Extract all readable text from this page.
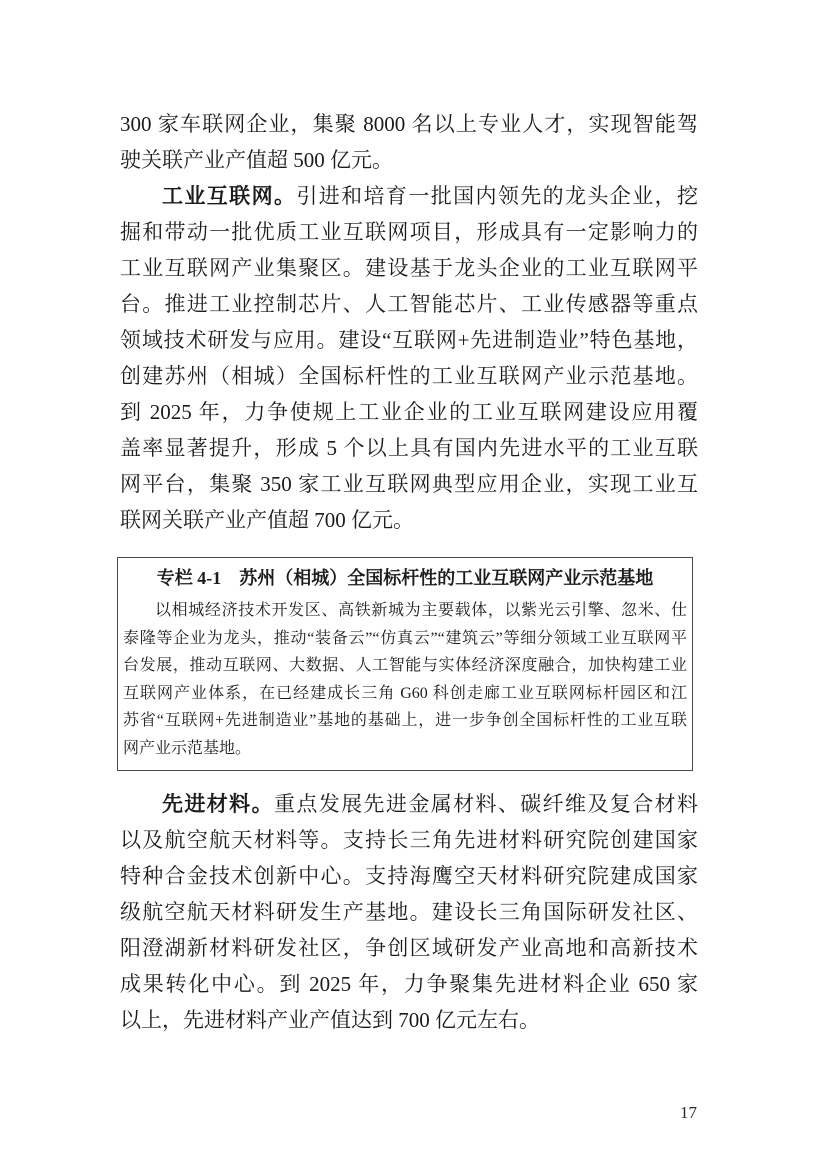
300 家车联网企业，集聚 8000 名以上专业人才，实现智能驾
驶关联产业产值超 500 亿元。
工业互联网。引进和培育一批国内领先的龙头企业，挖
掘和带动一批优质工业互联网项目，形成具有一定影响力的
工业互联网产业集聚区。建设基于龙头企业的工业互联网平
台。推进工业控制芯片、人工智能芯片、工业传感器等重点
领域技术研发与应用。建设“互联网+先进制造业”特色基地，
创建苏州（相城）全国标杆性的工业互联网产业示范基地。
到 2025 年，力争使规上工业企业的工业互联网建设应用覆
盖率显著提升，形成 5 个以上具有国内先进水平的工业互联
网平台，集聚 350 家工业互联网典型应用企业，实现工业互
联网关联产业产值超 700 亿元。
专栏 4-1　苏州（相城）全国标杆性的工业互联网产业示范基地
以相城经济技术开发区、高铁新城为主要载体，以紫光云引擎、忽米、仕
泰隆等企业为龙头，推动“装备云”“仿真云”“建筑云”等细分领域工业互联网平
台发展，推动互联网、大数据、人工智能与实体经济深度融合，加快构建工业
互联网产业体系，在已经建成长三角 G60 科创走廊工业互联网标杆园区和江
苏省“互联网+先进制造业”基地的基础上，进一步争创全国标杆性的工业互联
网产业示范基地。
先进材料。重点发展先进金属材料、碳纤维及复合材料
以及航空航天材料等。支持长三角先进材料研究院创建国家
特种合金技术创新中心。支持海鹰空天材料研究院建成国家
级航空航天材料研发生产基地。建设长三角国际研发社区、
阳澄湖新材料研发社区，争创区域研发产业高地和高新技术
成果转化中心。到 2025 年，力争聚集先进材料企业 650 家
以上，先进材料产业产值达到 700 亿元左右。
17
